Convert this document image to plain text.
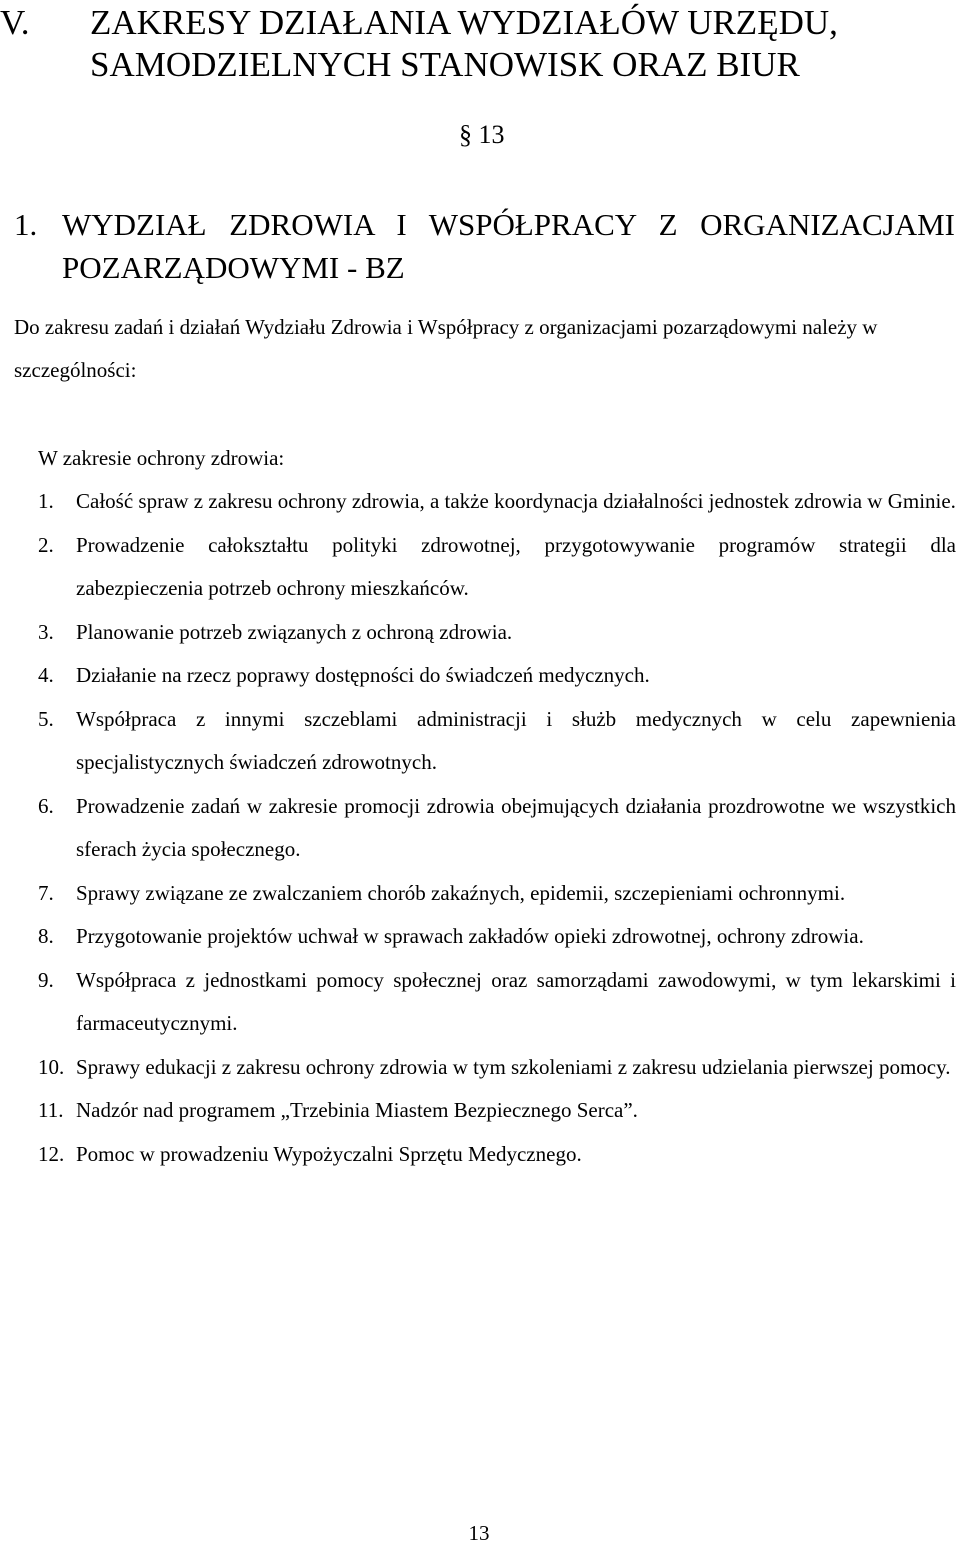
V. ZAKRESY DZIAŁANIA WYDZIAŁÓW URZĘDU, SAMODZIELNYCH STANOWISK ORAZ BIUR
§ 13
1. WYDZIAŁ ZDROWIA I WSPÓŁPRACY Z ORGANIZACJAMI
POZARZĄDOWYMI - BZ
Do zakresu zadań i działań Wydziału Zdrowia i Współpracy z organizacjami pozarządowymi należy w szczególności:
W zakresie ochrony zdrowia:
1. Całość spraw z zakresu ochrony zdrowia, a także koordynacja działalności jednostek zdrowia w Gminie.
2. Prowadzenie całokształtu polityki zdrowotnej, przygotowywanie programów strategii dla zabezpieczenia potrzeb ochrony mieszkańców.
3. Planowanie potrzeb związanych z ochroną zdrowia.
4. Działanie na rzecz poprawy dostępności do świadczeń medycznych.
5. Współpraca z innymi szczeblami administracji i służb medycznych w celu zapewnienia specjalistycznych świadczeń zdrowotnych.
6. Prowadzenie zadań w zakresie promocji zdrowia obejmujących działania prozdrowotne we wszystkich sferach życia społecznego.
7. Sprawy związane ze zwalczaniem chorób zakaźnych, epidemii, szczepieniami ochronnymi.
8. Przygotowanie projektów uchwał w sprawach zakładów opieki zdrowotnej, ochrony zdrowia.
9. Współpraca z jednostkami pomocy społecznej oraz samorządami zawodowymi, w tym lekarskimi i farmaceutycznymi.
10. Sprawy edukacji z zakresu ochrony zdrowia w tym szkoleniami z zakresu udzielania pierwszej pomocy.
11. Nadzór nad programem „Trzebinia Miastem Bezpiecznego Serca”.
12. Pomoc w prowadzeniu Wypożyczalni Sprzętu Medycznego.
13
